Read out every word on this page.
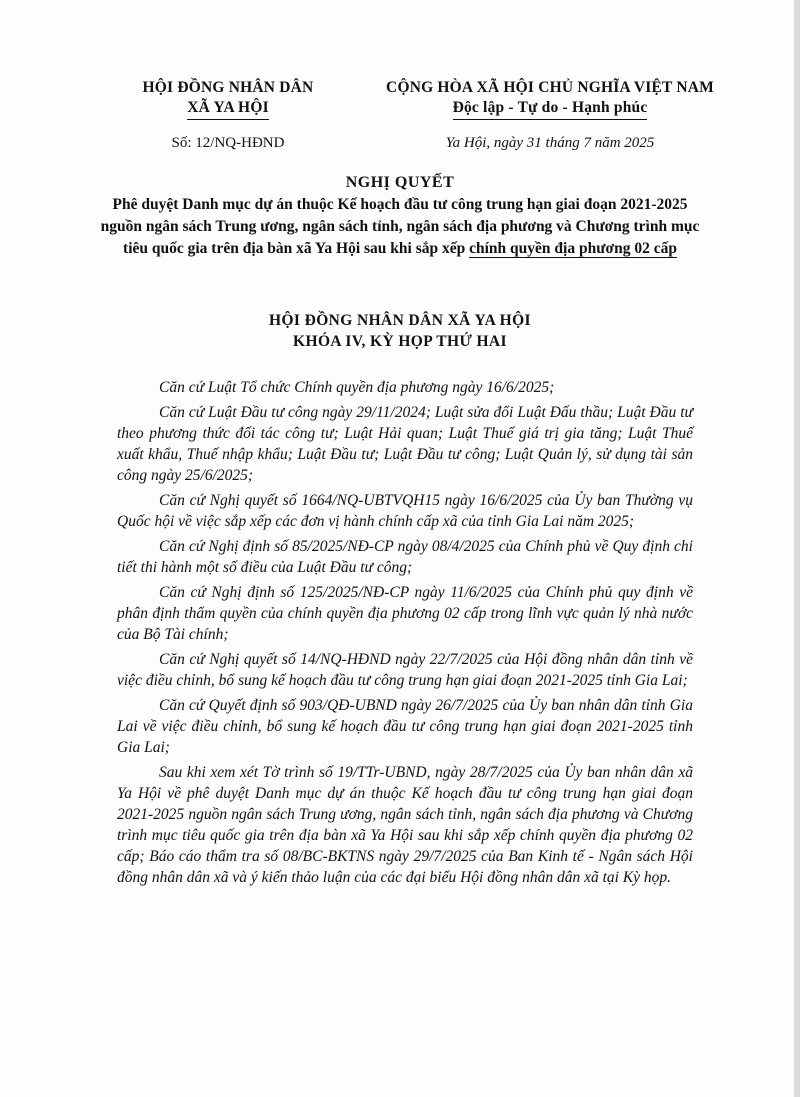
HỘI ĐỒNG NHÂN DÂN
XÃ YA HỘI
CỘNG HÒA XÃ HỘI CHỦ NGHĨA VIỆT NAM
Độc lập - Tự do - Hạnh phúc
Số: 12/NQ-HĐND	Ya Hội, ngày 31 tháng 7 năm 2025
NGHỊ QUYẾT
Phê duyệt Danh mục dự án thuộc Kế hoạch đầu tư công trung hạn giai đoạn 2021-2025 nguồn ngân sách Trung ương, ngân sách tỉnh, ngân sách địa phương và Chương trình mục tiêu quốc gia trên địa bàn xã Ya Hội sau khi sắp xếp chính quyền địa phương 02 cấp
HỘI ĐỒNG NHÂN DÂN XÃ YA HỘI
KHÓA IV, KỲ HỌP THỨ HAI

Căn cứ Luật Tổ chức Chính quyền địa phương ngày 16/6/2025;

Căn cứ Luật Đầu tư công ngày 29/11/2024; Luật sửa đổi Luật Đấu thầu; Luật Đầu tư theo phương thức đối tác công tư; Luật Hải quan; Luật Thuế giá trị gia tăng; Luật Thuế xuất khẩu, Thuế nhập khẩu; Luật Đầu tư; Luật Đầu tư công; Luật Quản lý, sử dụng tài sản công ngày 25/6/2025;

Căn cứ Nghị quyết số 1664/NQ-UBTVQH15 ngày 16/6/2025 của Ủy ban Thường vụ Quốc hội về việc sắp xếp các đơn vị hành chính cấp xã của tỉnh Gia Lai năm 2025;

Căn cứ Nghị định số 85/2025/NĐ-CP ngày 08/4/2025 của Chính phủ về Quy định chi tiết thi hành một số điều của Luật Đầu tư công;

Căn cứ Nghị định số 125/2025/NĐ-CP ngày 11/6/2025 của Chính phủ quy định về phân định thẩm quyền của chính quyền địa phương 02 cấp trong lĩnh vực quản lý nhà nước của Bộ Tài chính;

Căn cứ Nghị quyết số 14/NQ-HĐND ngày 22/7/2025 của Hội đồng nhân dân tỉnh về việc điều chỉnh, bổ sung kế hoạch đầu tư công trung hạn giai đoạn 2021-2025 tỉnh Gia Lai;

Căn cứ Quyết định số 903/QĐ-UBND ngày 26/7/2025 của Ủy ban nhân dân tỉnh Gia Lai về việc điều chỉnh, bổ sung kế hoạch đầu tư công trung hạn giai đoạn 2021-2025 tỉnh Gia Lai;

Sau khi xem xét Tờ trình số 19/TTr-UBND, ngày 28/7/2025 của Ủy ban nhân dân xã Ya Hội về phê duyệt Danh mục dự án thuộc Kế hoạch đầu tư công trung hạn giai đoạn 2021-2025 nguồn ngân sách Trung ương, ngân sách tỉnh, ngân sách địa phương và Chương trình mục tiêu quốc gia trên địa bàn xã Ya Hội sau khi sắp xếp chính quyền địa phương 02 cấp; Báo cáo thẩm tra số 08/BC-BKTNS ngày 29/7/2025 của Ban Kinh tế - Ngân sách Hội đồng nhân dân xã và ý kiến thảo luận của các đại biểu Hội đồng nhân dân xã tại Kỳ họp.
